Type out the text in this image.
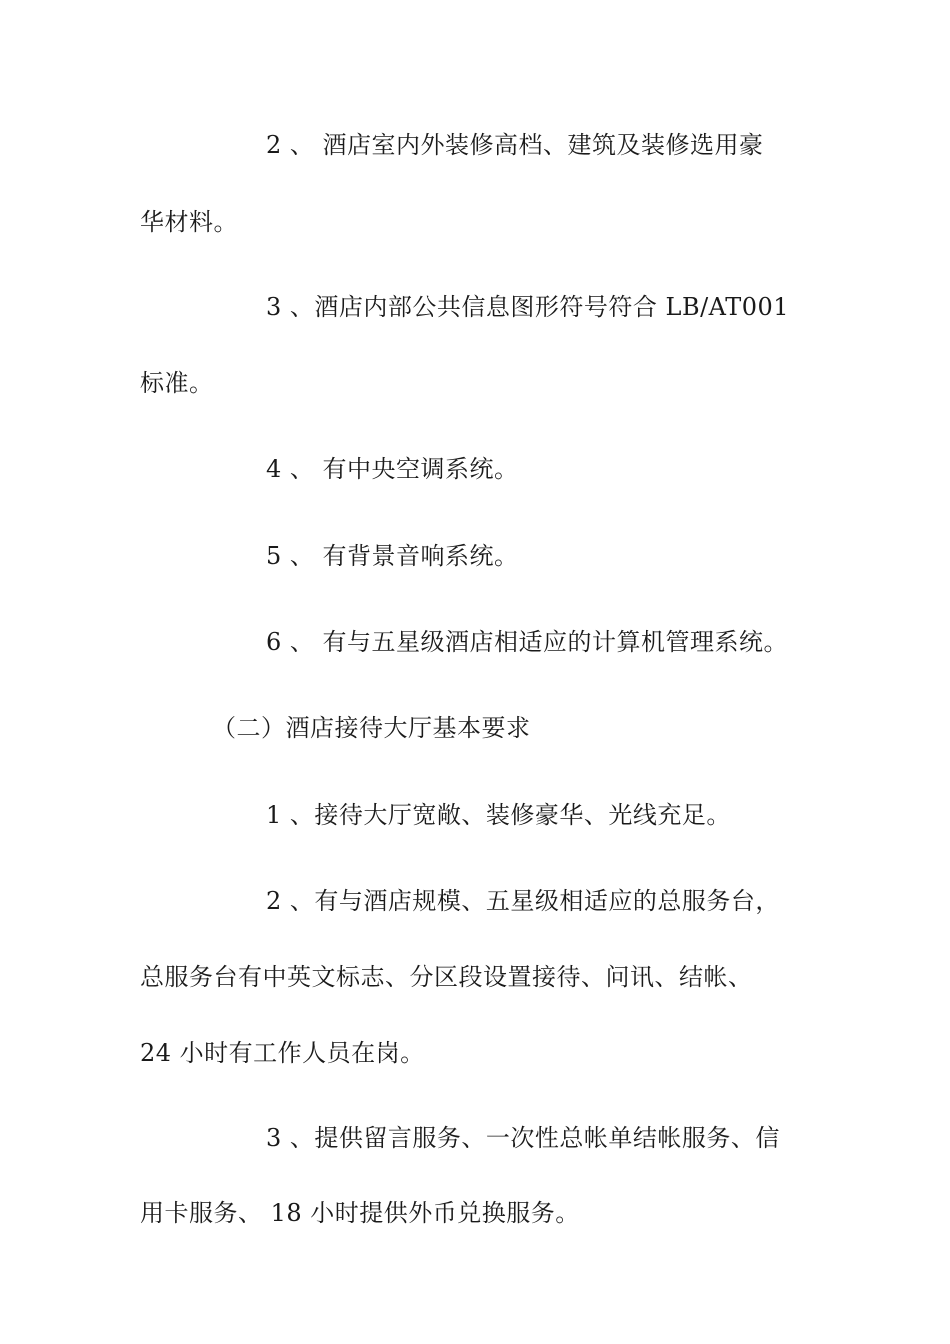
2 、 酒店室内外装修高档、建筑及装修选用豪
华材料。
3 、酒店内部公共信息图形符号符合 LB/AT001
标准。
4 、 有中央空调系统。
5 、 有背景音响系统。
6 、 有与五星级酒店相适应的计算机管理系统。
（二）酒店接待大厅基本要求
1 、接待大厅宽敞、装修豪华、光线充足。
2 、有与酒店规模、五星级相适应的总服务台，
总服务台有中英文标志、分区段设置接待、问讯、结帐、
24 小时有工作人员在岗。
3 、提供留言服务、一次性总帐单结帐服务、信
用卡服务、 18 小时提供外币兑换服务。
